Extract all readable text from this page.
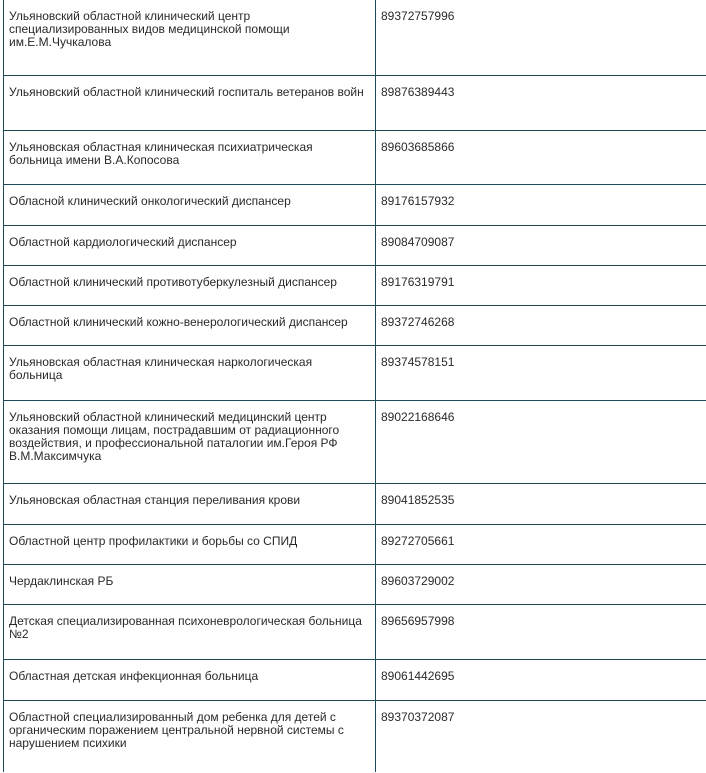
Ульяновский областной клинический центр специализированных видов медицинской помощи им.Е.М.Чучкалова	89372757996
Ульяновский областной клинический госпиталь ветеранов войн	89876389443
Ульяновская областная клиническая психиатрическая больница имени В.А.Копосова	89603685866
Облacной клинический онкологический диспансер	89176157932
Областной кардиологический диспансер	89084709087
Областной клинический противотуберкулезный диспансер	89176319791
Областной клинический кожно-венерологический диспансер	89372746268
Ульяновская областная клиническая наркологическая больница	89374578151
Ульяновский областной клинический медицинский центр оказания помощи лицам, пострадавшим от радиационного воздействия, и профессиональной паталогии им.Героя РФ В.М.Максимчука	89022168646
Ульяновская областная станция переливания крови	89041852535
Областной центр профилактики и борьбы со СПИД	89272705661
Чердаклинская РБ	89603729002
Детская специализированная психоневрологическая больница №2	89656957998
Областная детская инфекционная больница	89061442695
Областной специализированный дом ребенка для детей с органическим поражением центральной нервной системы с нарушением психики	89370372087
